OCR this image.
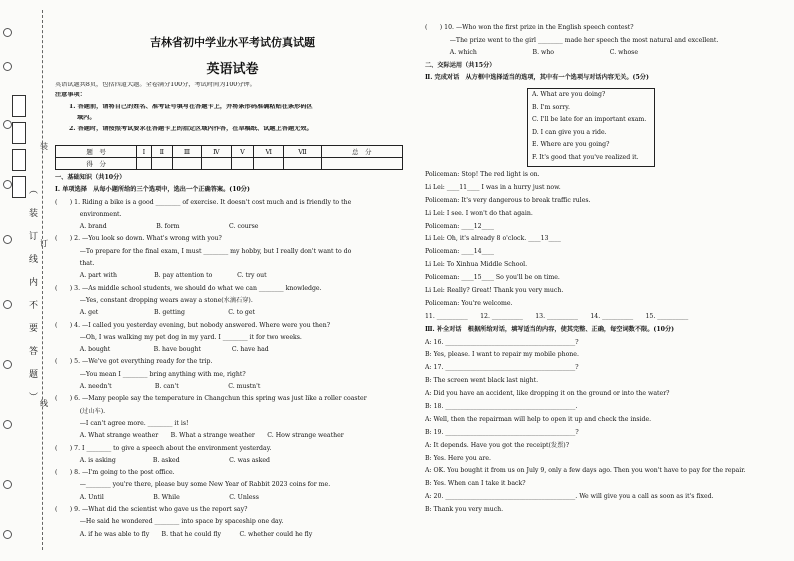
装
订
线
（装订线内不要答题）
吉林省初中学业水平考试仿真试题
英语试卷
英语试题共8页，包括四道大题。全卷满分100分，考试时间为100分钟。
注意事项：
1. 答题前，请将自己的姓名、准考证号填写在答题卡上，并将条形码准确粘贴在条形码区
域内。
2. 答题时，请按照考试要求在答题卡上的指定区域内作答，在草稿纸、试题上答题无效。
题　号	Ⅰ	Ⅱ	Ⅲ	Ⅳ	Ⅴ	Ⅵ	Ⅶ	总　分
得　分								
一、基础知识（共10分）
Ⅰ. 单项选择　从每小题所给的三个选项中，选出一个正确答案。(10分)
(　　) 1. Riding a bike is a good ________ of exercise. It doesn't cost much and is friendly to the
　　　　environment.
　　　　A. brand　　　　　　　　B. form　　　　　　　　C. course
(　　) 2. —You look so down. What's wrong with you?
　　　　—To prepare for the final exam, I must ________ my hobby, but I really don't want to do
　　　　that.
　　　　A. part with　　　　　　B. pay attention to　　　　C. try out
(　　) 3. —As middle school students, we should do what we can ________ knowledge.
　　　　—Yes, constant dropping wears away a stone(水滴石穿).
　　　　A. get　　　　　　　　　B. getting　　　　　　　C. to get
(　　) 4. —I called you yesterday evening, but nobody answered. Where were you then?
　　　　—Oh, I was walking my pet dog in my yard. I ________ it for two weeks.
　　　　A. bought　　　　　　　B. have bought　　　　　C. have had
(　　) 5. —We've got everything ready for the trip.
　　　　—You mean I ________ bring anything with me, right?
　　　　A. needn't　　　　　　　B. can't　　　　　　　　C. mustn't
(　　) 6. —Many people say the temperature in Changchun this spring was just like a roller coaster
　　　　(过山车).
　　　　—I can't agree more. ________ it is!
　　　　A. What strange weather　　B. What a strange weather　　C. How strange weather
(　　) 7. I ________ to give a speech about the environment yesterday.
　　　　A. is asking　　　　　　B. asked　　　　　　　　C. was asked
(　　) 8. —I'm going to the post office.
　　　　—________ you're there, please buy some New Year of Rabbit 2023 coins for me.
　　　　A. Until　　　　　　　　B. While　　　　　　　　C. Unless
(　　) 9. —What did the scientist who gave us the report say?
　　　　—He said he wondered ________ into space by spaceship one day.
　　　　A. if he was able to fly　　B. that he could fly　　　C. whether could he fly
(　　) 10. —Who won the first prize in the English speech contest?
　　　　—The prize went to the girl ________ made her speech the most natural and excellent.
　　　　A. which　　　　　　　　　B. who　　　　　　　　　C. whose
二、交际运用（共15分）
Ⅱ. 完成对话　从方框中选择适当的选项，其中有一个选项与对话内容无关。(5分)
A. What are you doing?
B. I'm sorry.
C. I'll be late for an important exam.
D. I can give you a ride.
E. Where are you going?
F. It's good that you've realized it.
Policeman: Stop! The red light is on.
Li Lei: ____11____ I was in a hurry just now.
Policeman: It's very dangerous to break traffic rules.
Li Lei: I see. I won't do that again.
Policeman: ____12____
Li Lei: Oh, it's already 8 o'clock. ____13____
Policeman: ____14____
Li Lei: To Xinhua Middle School.
Policeman: ____15____ So you'll be on time.
Li Lei: Really? Great! Thank you very much.
Policeman: You're welcome.
11. __________　　12. __________　　13. __________　　14. __________　　15. __________
Ⅲ. 补全对话　根据所给对话，填写适当的内容，使其完整、正确，每空词数不限。(10分)
A: 16. __________________________________________?
B: Yes, please. I want to repair my mobile phone.
A: 17. __________________________________________?
B: The screen went black last night.
A: Did you have an accident, like dropping it on the ground or into the water?
B: 18. __________________________________________.
A: Well, then the repairman will help to open it up and check the inside.
B: 19. __________________________________________?
A: It depends. Have you got the receipt(发票)?
B: Yes. Here you are.
A: OK. You bought it from us on July 9, only a few days ago. Then you won't have to pay for the repair.
B: Yes. When can I take it back?
A: 20. __________________________________________. We will give you a call as soon as it's fixed.
B: Thank you very much.
